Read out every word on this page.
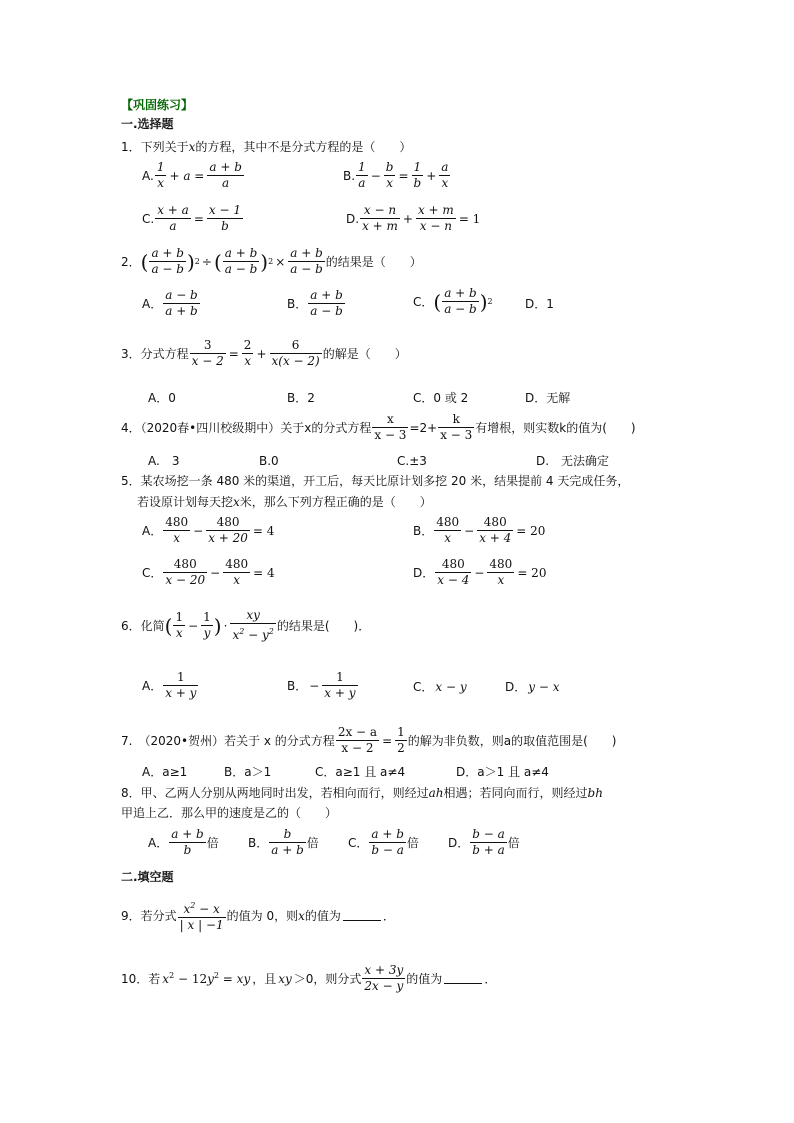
【巩固练习】
一.选择题
1．下列关于x的方程，其中不是分式方程的是（　　）
A. $\frac{1}{x} + a = \frac{a + b}{a}$	B. $\frac{1}{a} - \frac{b}{x} = \frac{1}{b} + \frac{a}{x}$
C. $\frac{x + a}{a} = \frac{x - 1}{b}$	D. $\frac{x - n}{x + m} + \frac{x + m}{x - n} = 1$
2． ( $\frac{a + b}{a - b}$ ) 2 ÷ ( $\frac{a + b}{a - b}$ ) $2 \times \frac{a + b}{a - b}$ 的结果是（　　）
A． $\frac{a - b}{a + b}$	B． $\frac{a + b}{a - b}$	C． ( $\frac{a + b}{a - b}$ ) 2	D．1
3．分式方程 $\frac{3}{x - 2} = \frac{2}{x} + \frac{6}{x(x - 2)}$ 的解是（　　）
A．0	B．2	C．0 或 2	D．无解
4．（2020春•四川校级期中）关于x的分式方程 $\frac{x}{x - 3} =2+ \frac{k}{x - 3}$ 有增根，则实数k的值为(　　)
A.　3	B.0	C.±3	D.　无法确定
5．某农场挖一条 480 米的渠道，开工后，每天比原计划多挖 20 米，结果提前 4 天完成任务，
若设原计划每天挖x米，那么下列方程正确的是（　　）
A． $\frac{480}{x} - \frac{480}{x + 20} = 4$	B． $\frac{480}{x} - \frac{480}{x + 4} = 20$
C． $\frac{480}{x - 20} - \frac{480}{x} = 4$	D． $\frac{480}{x - 4} - \frac{480}{x} = 20$
6．化简 ( $\frac{1}{x} - \frac{1}{y}$ ) · $\frac{xy}{x^2 - y^2}$ 的结果是(　　)．
A． $\frac{1}{x + y}$	B． − $\frac{1}{x + y}$	C． x − y	D． y − x
7.　（2020•贺州）若关于 x 的分式方程 $\frac{2x - a}{x - 2} = \frac{1}{2}$ 的解为非负数，则a的取值范围是(　　)
A．a≥1	B．a＞1	C．a≥1 且 a≠4	D．a＞1 且 a≠4
8．甲、乙两人分别从两地同时出发，若相向而行，则经过ah相遇；若同向而行，则经过bh
甲追上乙．那么甲的速度是乙的（　　）
A． $\frac{a + b}{b}$ 倍 B． $\frac{b}{a + b}$ 倍 C． $\frac{a + b}{b - a}$ 倍 D． $\frac{b - a}{b + a}$ 倍
二.填空题
9．若分式 $\frac{x^2 - x}{| x | -1}$ 的值为 0，则 x 的值为	．
10．若 $x^2 - 12y^2$ = xy ，且 xy ＞0，则分式 $\frac{x + 3y}{2x - y}$ 的值为	．
